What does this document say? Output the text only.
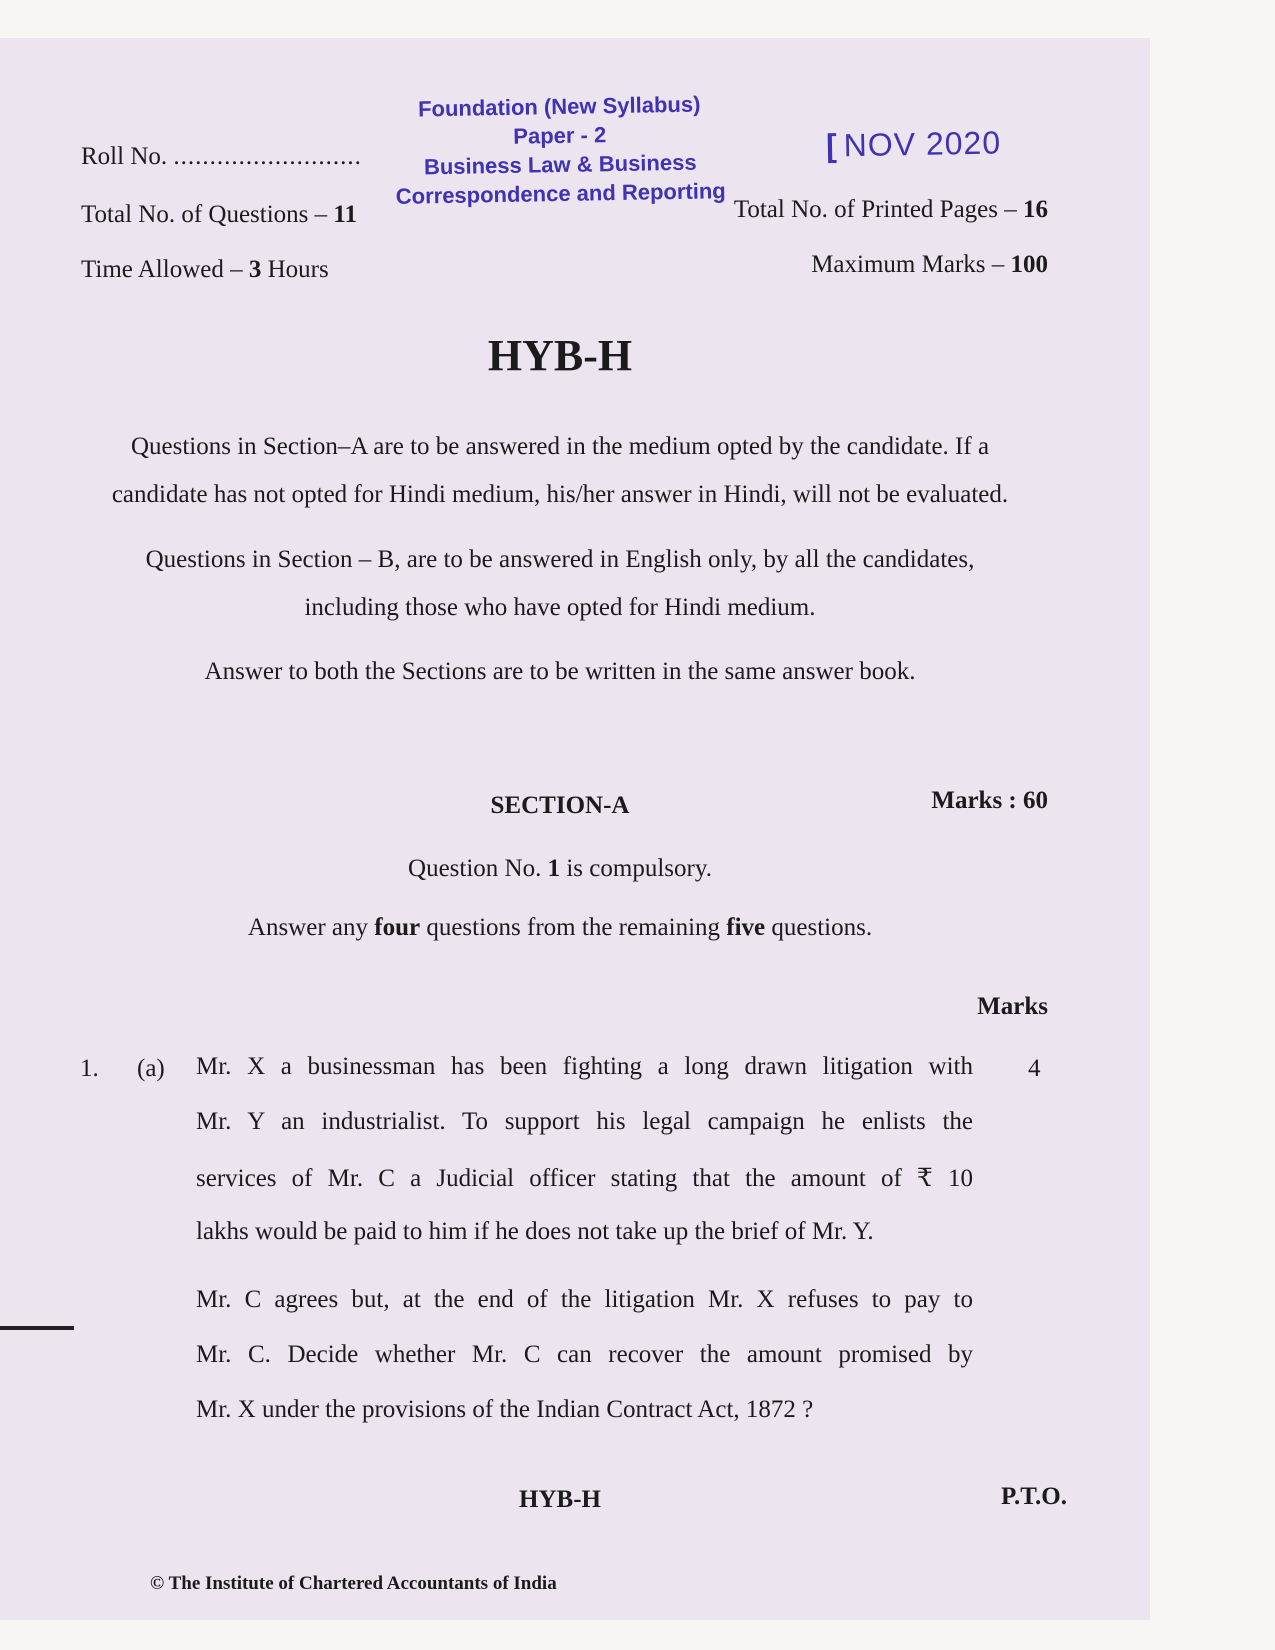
Foundation (New Syllabus)
Paper - 2
Business Law & Business
Correspondence and Reporting
[ NOV 2020
Roll No. ..........................
Total No. of Questions – 11	Total No. of Printed Pages – 16
Time Allowed – 3 Hours	Maximum Marks – 100
HYB-H
Questions in Section–A are to be answered in the medium opted by the candidate. If a
candidate has not opted for Hindi medium, his/her answer in Hindi, will not be evaluated.
Questions in Section – B, are to be answered in English only, by all the candidates,
including those who have opted for Hindi medium.
Answer to both the Sections are to be written in the same answer book.
SECTION-A	Marks : 60
Question No. 1 is compulsory.
Answer any four questions from the remaining five questions.
Marks
1. (a)	4
Mr. X a businessman has been fighting a long drawn litigation with
Mr. Y an industrialist. To support his legal campaign he enlists the
services of Mr. C a Judicial officer stating that the amount of ₹ 10
lakhs would be paid to him if he does not take up the brief of Mr. Y.
Mr. C agrees but, at the end of the litigation Mr. X refuses to pay to
Mr. C. Decide whether Mr. C can recover the amount promised by
Mr. X under the provisions of the Indian Contract Act, 1872 ?
HYB-H	P.T.O.
© The Institute of Chartered Accountants of India
